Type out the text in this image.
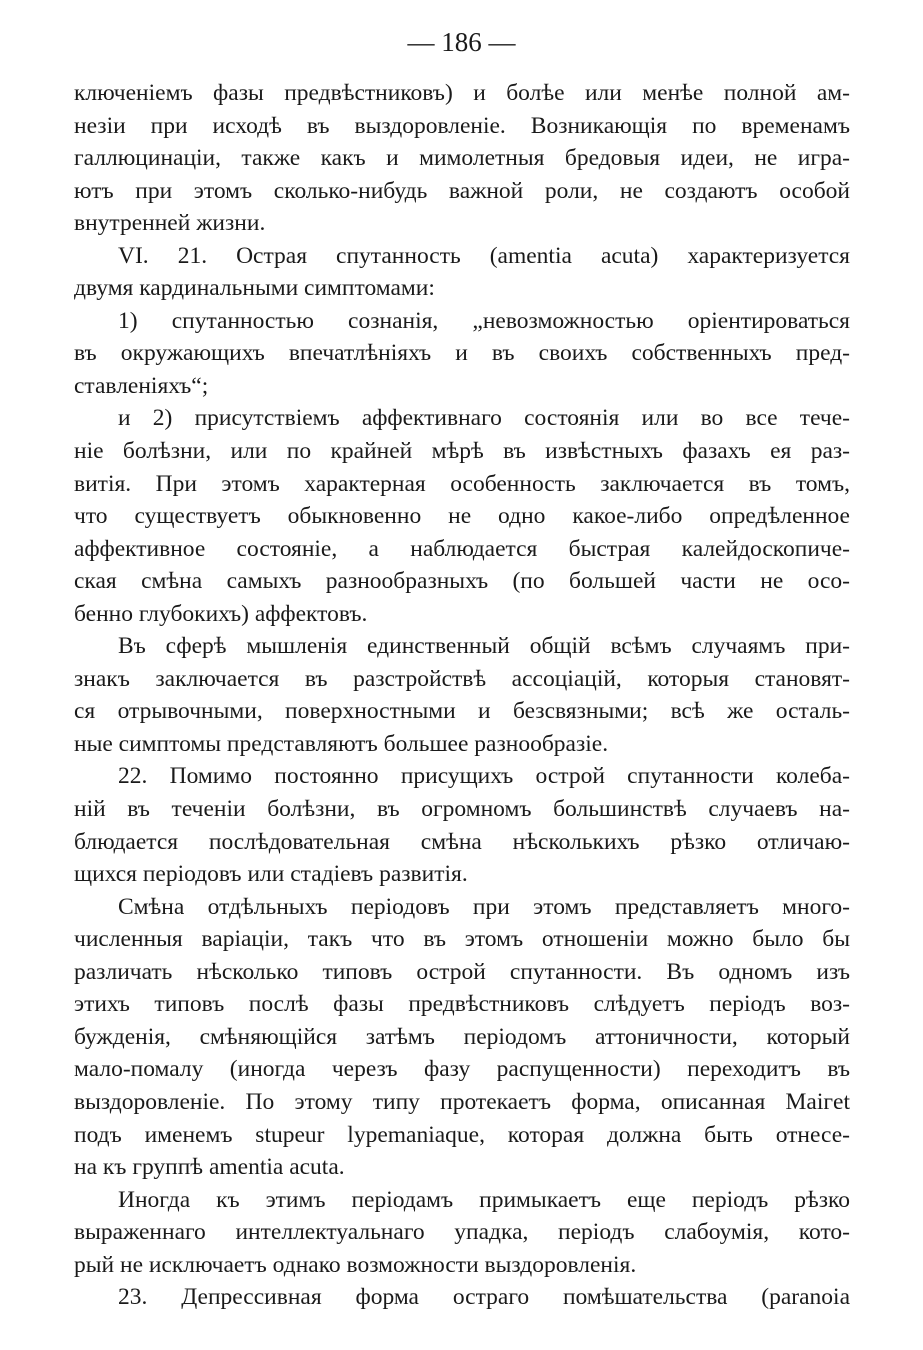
— 186 —
ключеніемъ фазы предвѣстниковъ) и болѣе или менѣе полной ам-
незіи при исходѣ въ выздоровленіе. Возникающія по временамъ
галлюцинаціи, также какъ и мимолетныя бредовыя идеи, не игра-
ютъ при этомъ сколько-нибудь важной роли, не создаютъ особой
внутренней жизни.
VI. 21. Острая спутанность (amentia acuta) характеризуется
двумя кардинальными симптомами:
1) спутанностью сознанія, „невозможностью оріентироваться
въ окружающихъ впечатлѣніяхъ и въ своихъ собственныхъ пред-
ставленіяхъ“;
и 2) присутствіемъ аффективнаго состоянія или во все тече-
ніе болѣзни, или по крайней мѣрѣ въ извѣстныхъ фазахъ ея раз-
витія. При этомъ характерная особенность заключается въ томъ,
что существуетъ обыкновенно не одно какое-либо опредѣленное
аффективное состояніе, а наблюдается быстрая калейдоскопиче-
ская смѣна самыхъ разнообразныхъ (по большей части не осо-
бенно глубокихъ) аффектовъ.
Въ сферѣ мышленія единственный общій всѣмъ случаямъ при-
знакъ заключается въ разстройствѣ ассоціацій, которыя становят-
ся отрывочными, поверхностными и безсвязными; всѣ же осталь-
ные симптомы представляютъ большее разнообразіе.
22. Помимо постоянно присущихъ острой спутанности колеба-
ній въ теченіи болѣзни, въ огромномъ большинствѣ случаевъ на-
блюдается послѣдовательная смѣна нѣсколькихъ рѣзко отличаю-
щихся періодовъ или стадіевъ развитія.
Смѣна отдѣльныхъ періодовъ при этомъ представляетъ много-
численныя варіаціи, такъ что въ этомъ отношеніи можно было бы
различать нѣсколько типовъ острой спутанности. Въ одномъ изъ
этихъ типовъ послѣ фазы предвѣстниковъ слѣдуетъ періодъ воз-
бужденія, смѣняющійся затѣмъ періодомъ аттоничности, который
мало-помалу (иногда черезъ фазу распущенности) переходитъ въ
выздоровленіе. По этому типу протекаетъ форма, описанная Maiгet
подъ именемъ stupeur lypemaniaque, которая должна быть отнесе-
на къ группѣ amentia acuta.
Иногда къ этимъ періодамъ примыкаетъ еще періодъ рѣзко
выраженнаго интеллектуальнаго упадка, періодъ слабоумія, кото-
рый не исключаетъ однако возможности выздоровленія.
23. Депрессивная форма остраго помѣшательства (paranoia
